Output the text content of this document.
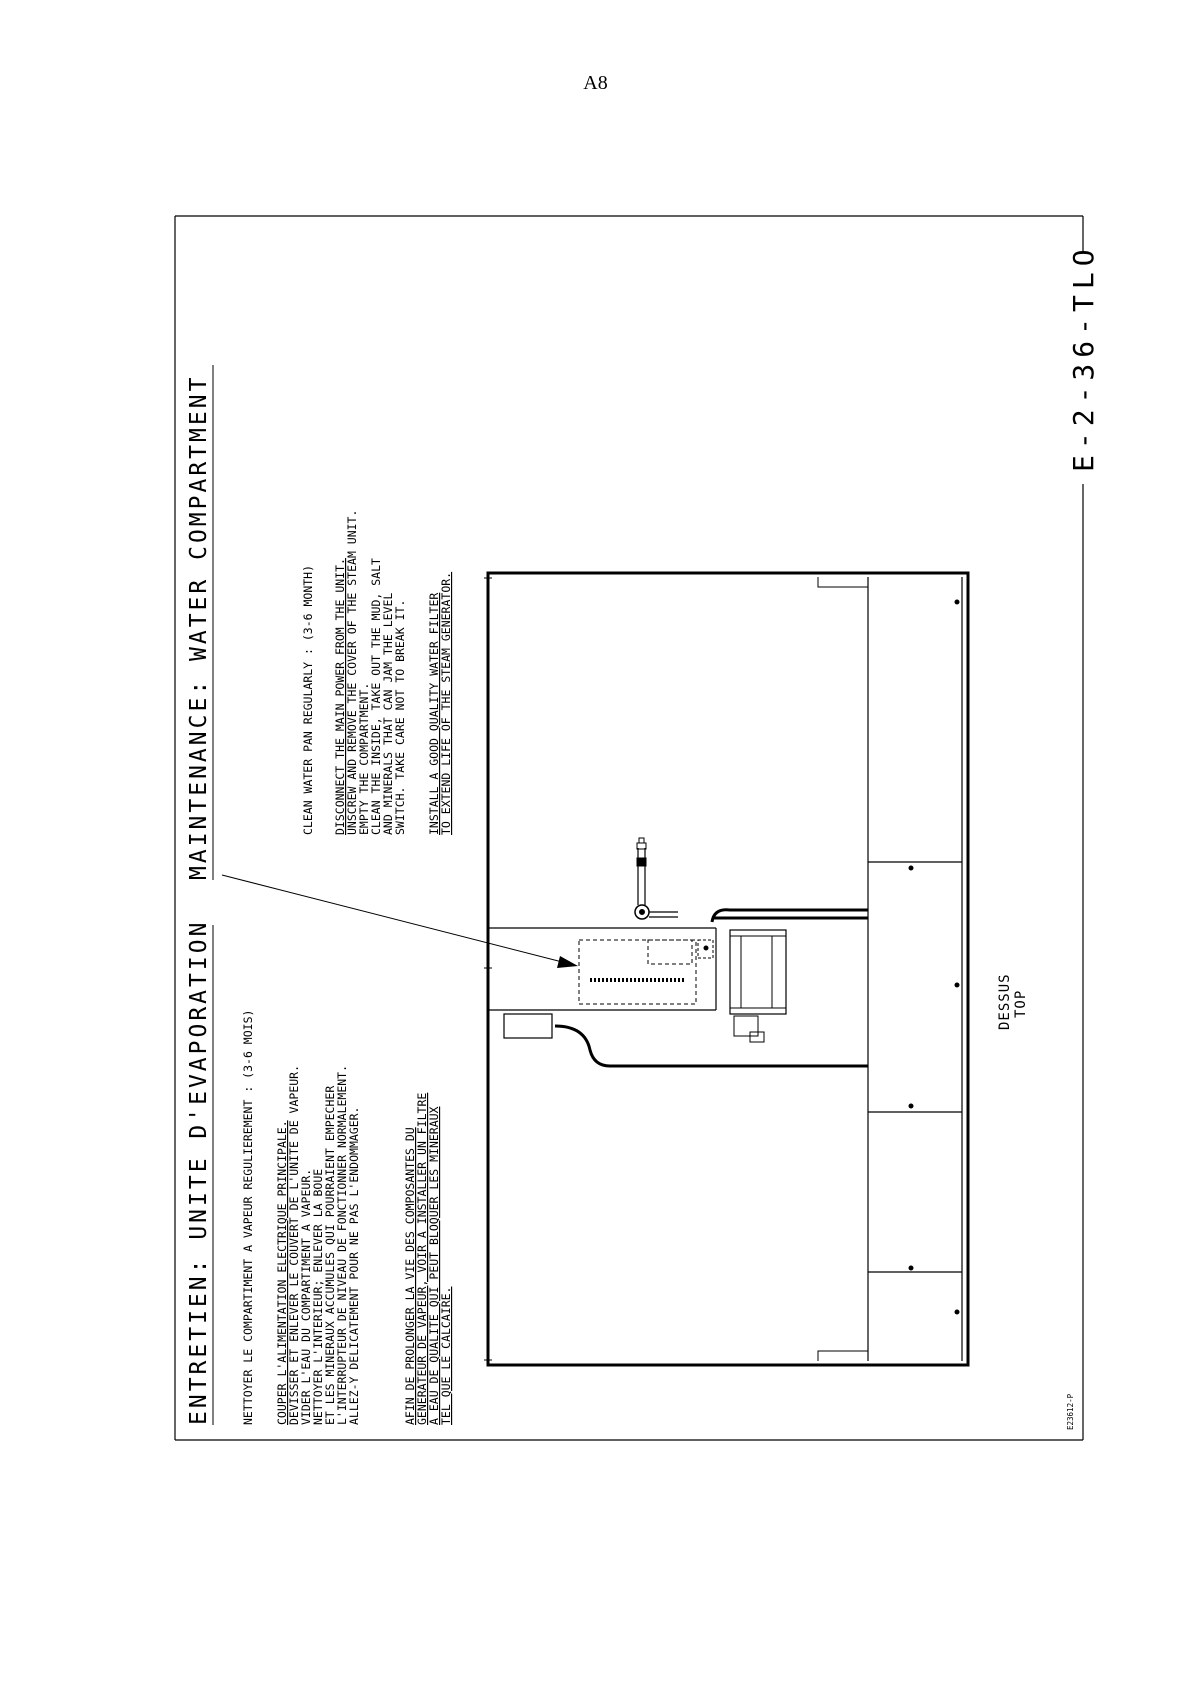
A8
ENTRETIEN: UNITE D'EVAPORATION
MAINTENANCE: WATER COMPARTMENT
NETTOYER LE COMPARTIMENT A VAPEUR REGULIEREMENT : (3-6 MOIS) COUPER L'ALIMENTATION ELECTRIQUE PRINCIPALE.
DEVISSER ET ENLEVER LE COUVERT DE L'UNITE DE VAPEUR.
VIDER L'EAU DU COMPARTIMENT A VAPEUR.
NETTOYER L'INTERIEUR; ENLEVER LA BOUE
ET LES MINERAUX ACCUMULES QUI POURRAIENT EMPECHER
L'INTERRUPTEUR DE NIVEAU DE FONCTIONNER NORMALEMENT.
ALLEZ-Y DELICATEMENT POUR NE PAS L'ENDOMMAGER.	AFIN DE PROLONGER LA VIE DES COMPOSANTES DU
GENERATEUR DE VAPEUR, VOIR A INSTALLER UN FILTRE
A EAU DE QUALITE QUI PEUT BLOQUER LES MINERAUX
TEL QUE LE CALCAIRE.
CLEAN WATER PAN REGULARLY : (3-6 MONTH) DISCONNECT THE MAIN POWER FROM THE UNIT.
UNSCREW AND REMOVE THE COVER OF THE STEAM UNIT.
EMPTY THE COMPARTMENT.
CLEAN THE INSIDE, TAKE OUT THE MUD, SALT
AND MINERALS THAT CAN JAM THE LEVEL
SWITCH. TAKE CARE NOT TO BREAK IT. INSTALL A GOOD QUALITY WATER FILTER
TO EXTEND LIFE OF THE STEAM GENERATOR.
E-2-36-TLO
E23612-P
DESSUS TOP
